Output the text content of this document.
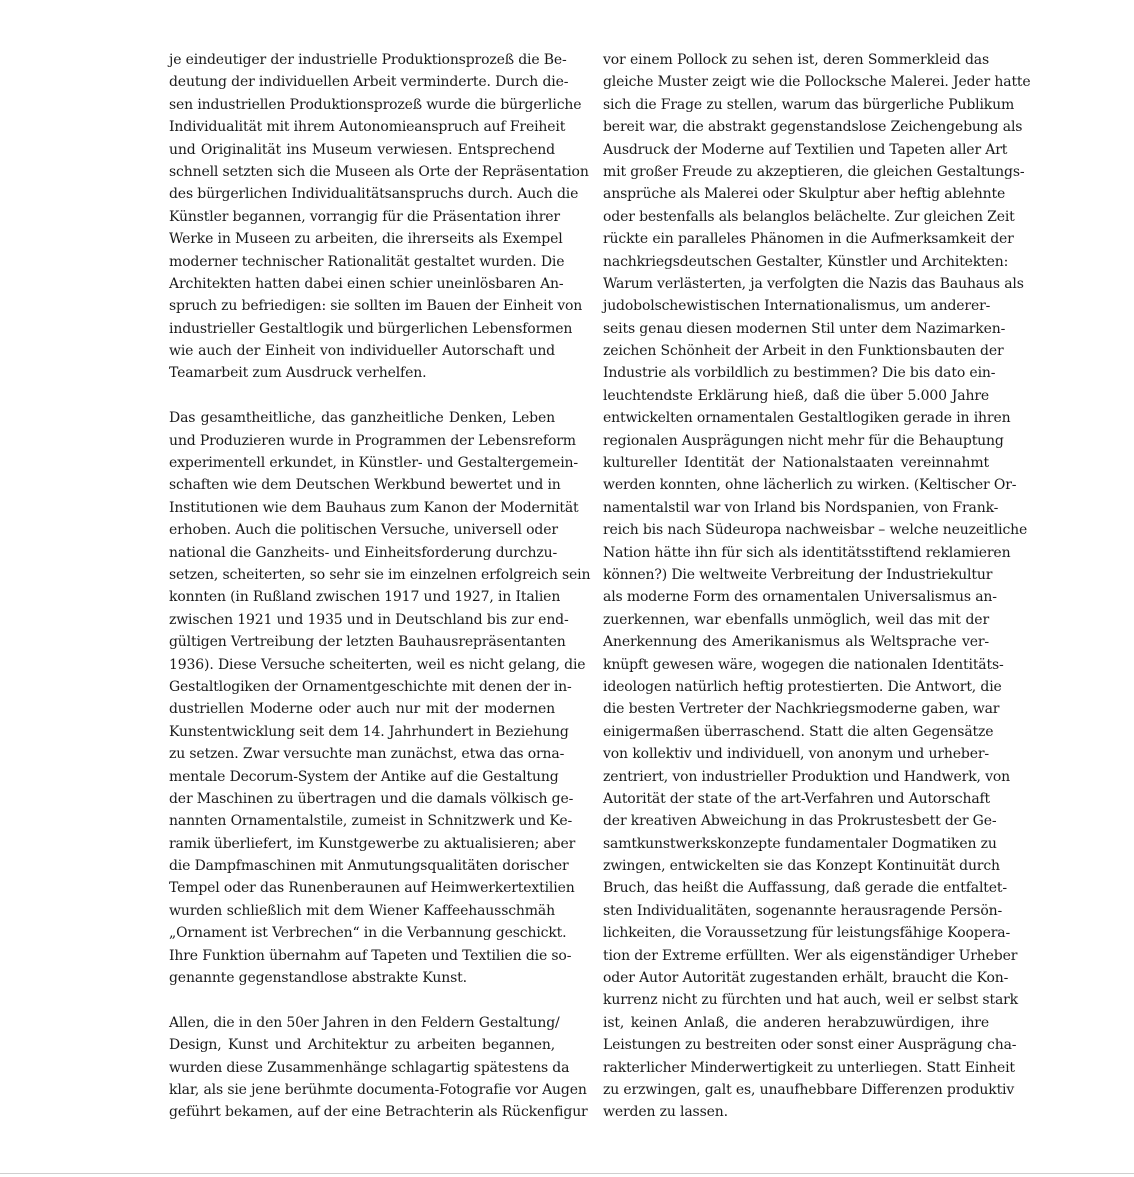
je eindeutiger der industrielle Produktionsprozeß die Be-
deutung der individuellen Arbeit verminderte. Durch die-
sen industriellen Produktionsprozeß wurde die bürgerliche
Individualität mit ihrem Autonomieanspruch auf Freiheit
und Originalität ins Museum verwiesen. Entsprechend
schnell setzten sich die Museen als Orte der Repräsentation
des bürgerlichen Individualitätsanspruchs durch. Auch die
Künstler begannen, vorrangig für die Präsentation ihrer
Werke in Museen zu arbeiten, die ihrerseits als Exempel
moderner technischer Rationalität gestaltet wurden. Die
Architekten hatten dabei einen schier uneinlösbaren An-
spruch zu befriedigen: sie sollten im Bauen der Einheit von
industrieller Gestaltlogik und bürgerlichen Lebensformen
wie auch der Einheit von individueller Autorschaft und
Teamarbeit zum Ausdruck verhelfen.
Das gesamtheitliche, das ganzheitliche Denken, Leben
und Produzieren wurde in Programmen der Lebensreform
experimentell erkundet, in Künstler- und Gestaltergemein-
schaften wie dem Deutschen Werkbund bewertet und in
Institutionen wie dem Bauhaus zum Kanon der Modernität
erhoben. Auch die politischen Versuche, universell oder
national die Ganzheits- und Einheitsforderung durchzu-
setzen, scheiterten, so sehr sie im einzelnen erfolgreich sein
konnten (in Rußland zwischen 1917 und 1927, in Italien
zwischen 1921 und 1935 und in Deutschland bis zur end-
gültigen Vertreibung der letzten Bauhausrepräsentanten
1936). Diese Versuche scheiterten, weil es nicht gelang, die
Gestaltlogiken der Ornamentgeschichte mit denen der in-
dustriellen Moderne oder auch nur mit der modernen
Kunstentwicklung seit dem 14. Jahrhundert in Beziehung
zu setzen. Zwar versuchte man zunächst, etwa das orna-
mentale Decorum-System der Antike auf die Gestaltung
der Maschinen zu übertragen und die damals völkisch ge-
nannten Ornamentalstile, zumeist in Schnitzwerk und Ke-
ramik überliefert, im Kunstgewerbe zu aktualisieren; aber
die Dampfmaschinen mit Anmutungsqualitäten dorischer
Tempel oder das Runenberaunen auf Heimwerkertextilien
wurden schließlich mit dem Wiener Kaffeehausschmäh
„Ornament ist Verbrechen“ in die Verbannung geschickt.
Ihre Funktion übernahm auf Tapeten und Textilien die so-
genannte gegenstandlose abstrakte Kunst.
Allen, die in den 50er Jahren in den Feldern Gestaltung/
Design, Kunst und Architektur zu arbeiten begannen,
wurden diese Zusammenhänge schlagartig spätestens da
klar, als sie jene berühmte documenta-Fotografie vor Augen
geführt bekamen, auf der eine Betrachterin als Rückenfigur
vor einem Pollock zu sehen ist, deren Sommerkleid das
gleiche Muster zeigt wie die Pollocksche Malerei. Jeder hatte
sich die Frage zu stellen, warum das bürgerliche Publikum
bereit war, die abstrakt gegenstandslose Zeichengebung als
Ausdruck der Moderne auf Textilien und Tapeten aller Art
mit großer Freude zu akzeptieren, die gleichen Gestaltungs-
ansprüche als Malerei oder Skulptur aber heftig ablehnte
oder bestenfalls als belanglos belächelte. Zur gleichen Zeit
rückte ein paralleles Phänomen in die Aufmerksamkeit der
nachkriegsdeutschen Gestalter, Künstler und Architekten:
Warum verlästerten, ja verfolgten die Nazis das Bauhaus als
judobolschewistischen Internationalismus, um anderer-
seits genau diesen modernen Stil unter dem Nazimarken-
zeichen Schönheit der Arbeit in den Funktionsbauten der
Industrie als vorbildlich zu bestimmen? Die bis dato ein-
leuchtendste Erklärung hieß, daß die über 5.000 Jahre
entwickelten ornamentalen Gestaltlogiken gerade in ihren
regionalen Ausprägungen nicht mehr für die Behauptung
kultureller Identität der Nationalstaaten vereinnahmt
werden konnten, ohne lächerlich zu wirken. (Keltischer Or-
namentalstil war von Irland bis Nordspanien, von Frank-
reich bis nach Südeuropa nachweisbar – welche neuzeitliche
Nation hätte ihn für sich als identitätsstiftend reklamieren
können?) Die weltweite Verbreitung der Industriekultur
als moderne Form des ornamentalen Universalismus an-
zuerkennen, war ebenfalls unmöglich, weil das mit der
Anerkennung des Amerikanismus als Weltsprache ver-
knüpft gewesen wäre, wogegen die nationalen Identitäts-
ideologen natürlich heftig protestierten. Die Antwort, die
die besten Vertreter der Nachkriegsmoderne gaben, war
einigermaßen überraschend. Statt die alten Gegensätze
von kollektiv und individuell, von anonym und urheber-
zentriert, von industrieller Produktion und Handwerk, von
Autorität der state of the art-Verfahren und Autorschaft
der kreativen Abweichung in das Prokrustesbett der Ge-
samtkunstwerkskonzepte fundamentaler Dogmatiken zu
zwingen, entwickelten sie das Konzept Kontinuität durch
Bruch, das heißt die Auffassung, daß gerade die entfaltet-
sten Individualitäten, sogenannte herausragende Persön-
lichkeiten, die Voraussetzung für leistungsfähige Koopera-
tion der Extreme erfüllten. Wer als eigenständiger Urheber
oder Autor Autorität zugestanden erhält, braucht die Kon-
kurrenz nicht zu fürchten und hat auch, weil er selbst stark
ist, keinen Anlaß, die anderen herabzuwürdigen, ihre
Leistungen zu bestreiten oder sonst einer Ausprägung cha-
rakterlicher Minderwertigkeit zu unterliegen. Statt Einheit
zu erzwingen, galt es, unaufhebbare Differenzen produktiv
werden zu lassen.
